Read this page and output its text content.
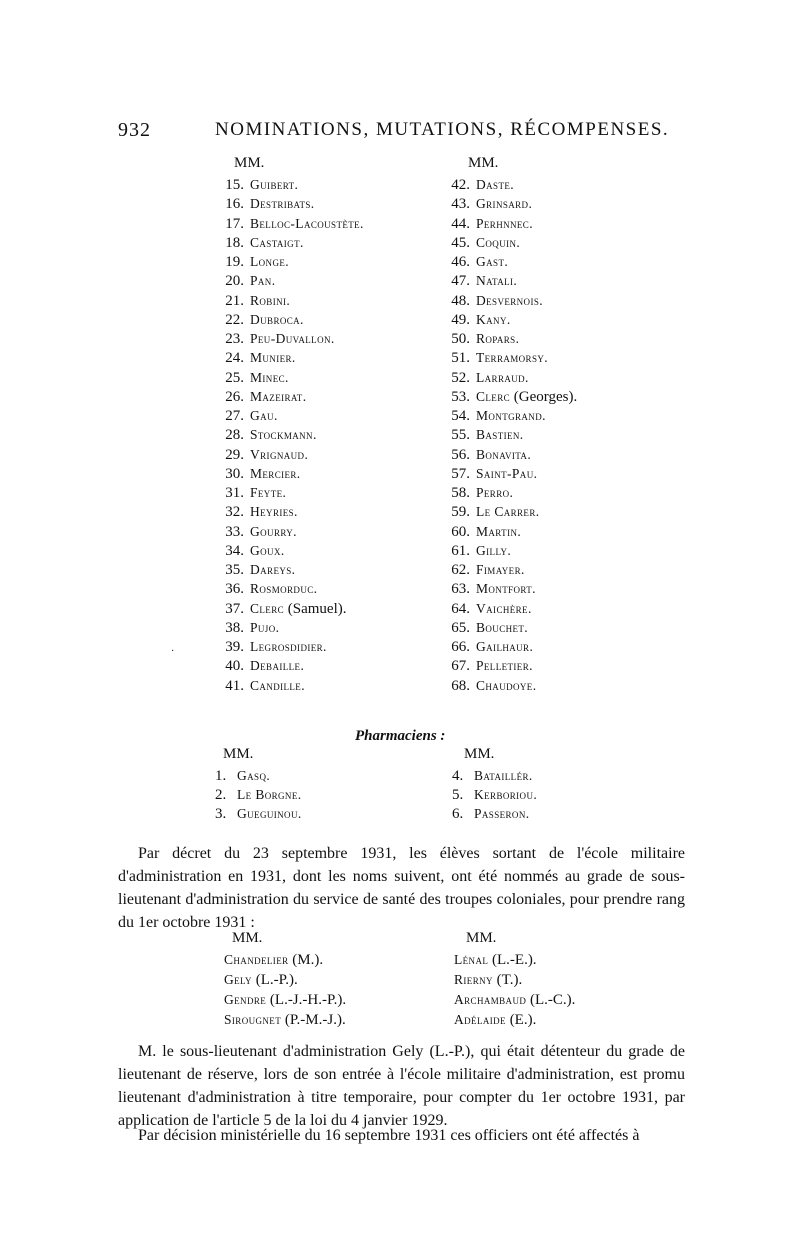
932	NOMINATIONS, MUTATIONS, RÉCOMPENSES.
MM.
15. Guibert.
16. Destribats.
17. Belloc-Lacoustète.
18. Castaigt.
19. Longe.
20. Pan.
21. Robini.
22. Dubroca.
23. Peu-Duvallon.
24. Munier.
25. Minec.
26. Mazeirat.
27. Gau.
28. Stockmann.
29. Vrignaud.
30. Mercier.
31. Feyte.
32. Heyries.
33. Gourry.
34. Goux.
35. Dareys.
36. Rosmorduc.
37. Clerc (Samuel).
38. Pujo.
39. Legrosdidier.
40. Debaille.
41. Candille.
MM.
42. Daste.
43. Grinsard.
44. Perhnnec.
45. Coquin.
46. Gast.
47. Natali.
48. Desvernois.
49. Kany.
50. Ropars.
51. Terramorsy.
52. Larraud.
53. Clerc (Georges).
54. Montgrand.
55. Bastien.
56. Bonavita.
57. Saint-Pau.
58. Perro.
59. Le Carrer.
60. Martin.
61. Gilly.
62. Fimayer.
63. Montfort.
64. Vaichère.
65. Bouchet.
66. Gailhaur.
67. Pelletier.
68. Chaudoye.
·
Pharmaciens :
MM.
1. Gasq.
2. Le Borgne.
3. Gueguinou.
MM.
4. Bataillér.
5. Kerboriou.
6. Passeron.
Par décret du 23 septembre 1931, les élèves sortant de l'école militaire d'administration en 1931, dont les noms suivent, ont été nommés au grade de sous-lieutenant d'administration du service de santé des troupes coloniales, pour prendre rang du 1er octobre 1931 :
MM.
Chandelier (M.).
Gely (L.-P.).
Gendre (L.-J.-H.-P.).
Sirougnet (P.-M.-J.).
MM.
Lénal (L.-E.).
Rierny (T.).
Archambaud (L.-C.).
Adélaide (E.).
M. le sous-lieutenant d'administration Gely (L.-P.), qui était détenteur du grade de lieutenant de réserve, lors de son entrée à l'école militaire d'administration, est promu lieutenant d'administration à titre temporaire, pour compter du 1er octobre 1931, par application de l'article 5 de la loi du 4 janvier 1929.
Par décision ministérielle du 16 septembre 1931 ces officiers ont été affectés à
